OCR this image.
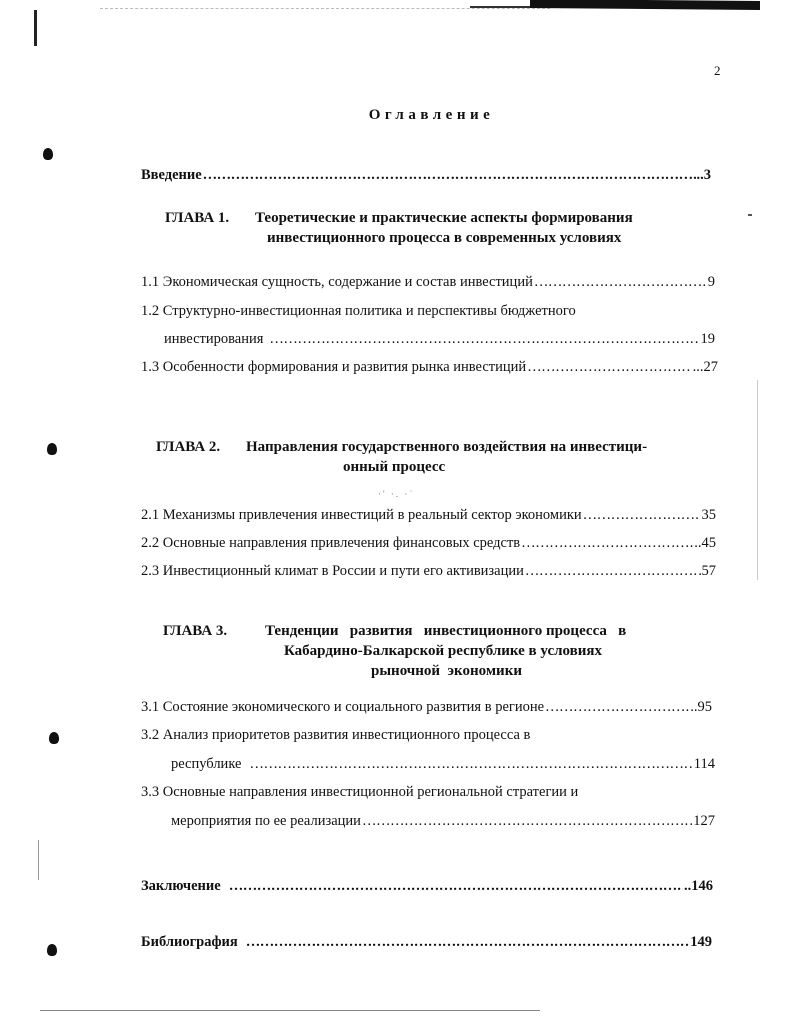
·' ·. ·˙
2
Оглавление
Введение ……………………………………………………………………………………………………………………………………………………………………………………	..3
ГЛАВА 1. Теоретические и практические аспекты формирования
инвестиционного процесса в современных условиях
1.1 Экономическая сущность, содержание и состав инвестиций ……………………………………………………………………………………………………………………………………………………………………………………	9
1.2 Структурно-инвестиционная политика и перспективы бюджетного
инвестирования ……………………………………………………………………………………………………………………………………………………………………………………	19
1.3 Особенности формирования и развития рынка инвестиций ……………………………………………………………………………………………………………………………………………………………………………………	...27
ГЛАВА 2. Направления государственного воздействия на инвестици-
онный процесс
2.1 Механизмы привлечения инвестиций в реальный сектор экономики ……………………………………………………………………………………………………………………………………………………………………………………	35
2.2 Основные направления привлечения финансовых средств ……………………………………………………………………………………………………………………………………………………………………………………	..45
2.3 Инвестиционный климат в России и пути его активизации ……………………………………………………………………………………………………………………………………………………………………………………	57
ГЛАВА 3.	Тенденции   развития   инвестиционного процесса   в
Кабардино-Балкарской республике в условиях
рыночной  экономики
3.1 Состояние экономического и социального развития в регионе ……………………………………………………………………………………………………………………………………………………………………………………	..95
3.2 Анализ приоритетов развития инвестиционного процесса в
республике ……………………………………………………………………………………………………………………………………………………………………………………	114
3.3 Основные направления инвестиционной региональной стратегии и
мероприятия по ее реализации ……………………………………………………………………………………………………………………………………………………………………………………	127
Заключение ……………………………………………………………………………………………………………………………………………………………………………………	..146
Библиография ……………………………………………………………………………………………………………………………………………………………………………………	149
